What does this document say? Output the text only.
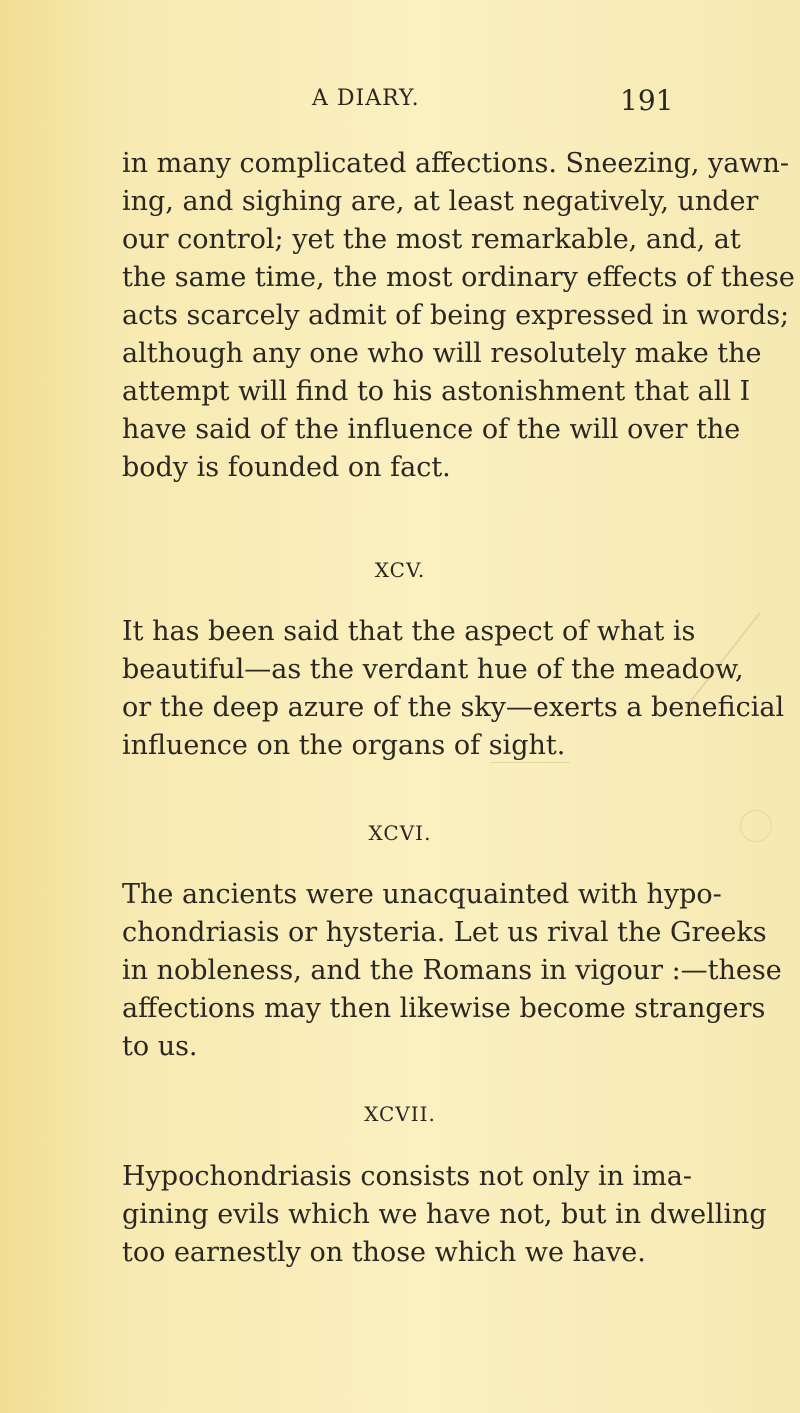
A DIARY.	191
in many complicated affections. Sneezing, yawn-
ing, and sighing are, at least negatively, under
our control; yet the most remarkable, and, at
the same time, the most ordinary effects of these
acts scarcely admit of being expressed in words;
although any one who will resolutely make the
attempt will find to his astonishment that all I
have said of the influence of the will over the
body is founded on fact.
XCV.
It has been said that the aspect of what is
beautiful—as the verdant hue of the meadow,
or the deep azure of the sky—exerts a beneficial
influence on the organs of sight.
XCVI.
The ancients were unacquainted with hypo-
chondriasis or hysteria. Let us rival the Greeks
in nobleness, and the Romans in vigour :—these
affections may then likewise become strangers
to us.
XCVII.
Hypochondriasis consists not only in ima-
gining evils which we have not, but in dwelling
too earnestly on those which we have.
